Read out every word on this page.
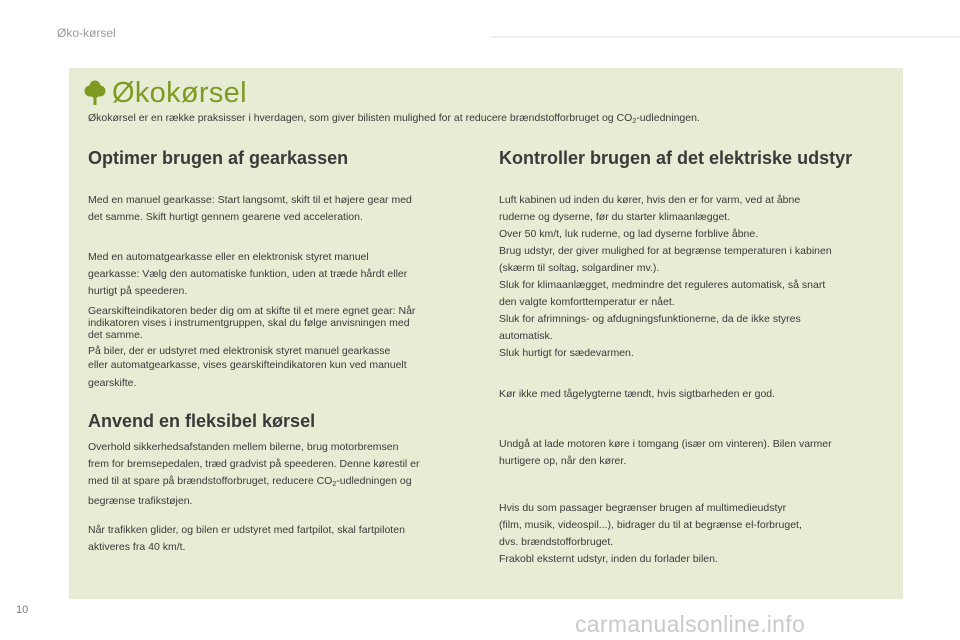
Øko-kørsel
Økokørsel
Økokørsel er en række praksisser i hverdagen, som giver bilisten mulighed for at reducere brændstofforbruget og $CO_2$-udledningen.
Optimer brugen af gearkassen
Med en manuel gearkasse: Start langsomt, skift til et højere gear med
det samme. Skift hurtigt gennem gearene ved acceleration.
Med en automatgearkasse eller en elektronisk styret manuel
gearkasse: Vælg den automatiske funktion, uden at træde hårdt eller
hurtigt på speederen.
Gearskifteindikatoren beder dig om at skifte til et mere egnet gear: Når
indikatoren vises i instrumentgruppen, skal du følge anvisningen med
det samme.
På biler, der er udstyret med elektronisk styret manuel gearkasse
eller automatgearkasse, vises gearskifteindikatoren kun ved manuelt
gearskifte.
Anvend en fleksibel kørsel
Overhold sikkerhedsafstanden mellem bilerne, brug motorbremsen
frem for bremsepedalen, træd gradvist på speederen. Denne kørestil er
med til at spare på brændstofforbruget, reducere $CO_2$-udledningen og
begrænse trafikstøjen.
Når trafikken glider, og bilen er udstyret med fartpilot, skal fartpiloten
aktiveres fra 40 km/t.
Kontroller brugen af det elektriske udstyr
Luft kabinen ud inden du kører, hvis den er for varm, ved at åbne
ruderne og dyserne, før du starter klimaanlægget.
Over 50 km/t, luk ruderne, og lad dyserne forblive åbne.
Brug udstyr, der giver mulighed for at begrænse temperaturen i kabinen
(skærm til soltag, solgardiner mv.).
Sluk for klimaanlægget, medmindre det reguleres automatisk, så snart
den valgte komforttemperatur er nået.
Sluk for afrimnings- og afdugningsfunktionerne, da de ikke styres
automatisk.
Sluk hurtigt for sædevarmen.
Kør ikke med tågelygterne tændt, hvis sigtbarheden er god.
Undgå at lade motoren køre i tomgang (især om vinteren). Bilen varmer
hurtigere op, når den kører.
Hvis du som passager begrænser brugen af multimedieudstyr
(film, musik, videospil...), bidrager du til at begrænse el-forbruget,
dvs. brændstofforbruget.
Frakobl eksternt udstyr, inden du forlader bilen.
10
carmanualsonline.info
